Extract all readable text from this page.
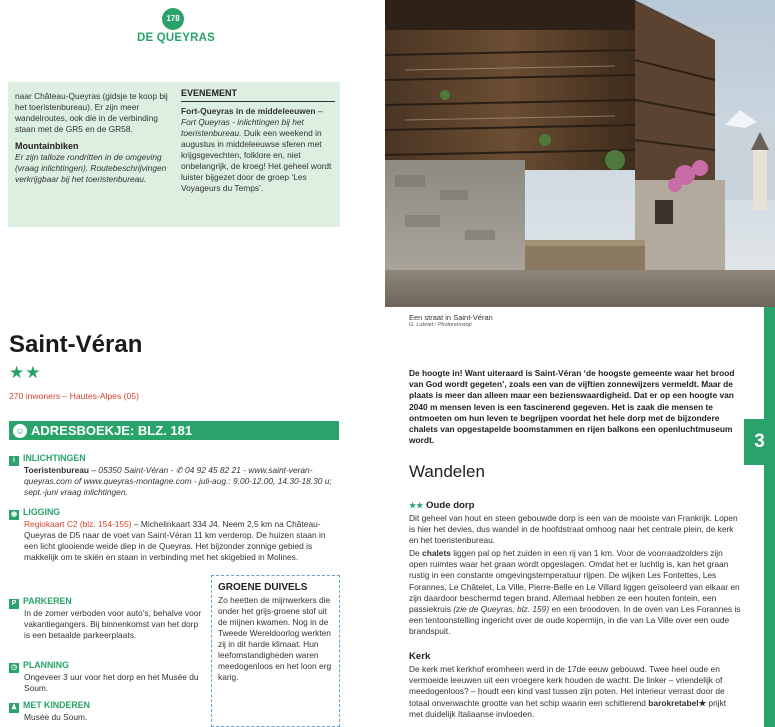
178
DE QUEYRAS
naar Château-Queyras (gidsje te koop bij het toeristenbureau). Er zijn meer wandelroutes, ook die in de verbinding staan met de GR5 en de GR58.
Mountainbiken
Er zijn talloze rondritten in de omgeving (vraag inlichtingen). Routebeschrijvingen verkrijgbaar bij het toeristenbureau.
EVENEMENT
Fort-Queyras in de middeleeuwen – Fort Queyras - inlichtingen bij het toeristenbureau. Duik een weekend in augustus in middeleeuwse sferen met krijgsgevechten, folklore en, niet onbelangrijk, de kroeg! Het geheel wordt luister bijgezet door de groep ‘Les Voyageurs du Temps’.
Een straat in Saint-Véran
G. Lubriet / Photononstop
3
Saint-Véran
★★
270 inwoners – Hautes-Alpes (05)
☺ ADRESBOEKJE: BLZ. 181
i INLICHTINGEN
Toeristenbureau – 05350 Saint-Véran - ✆ 04 92 45 82 21 - www.saint-veran-queyras.com of www.queyras-montagne.com - juli-aug.: 9.00-12.00, 14.30-18.30 u; sept.-juni vraag inlichtingen.
◉ LIGGING
Regiokaart C2 (blz. 154-155) – Michelinkaart 334 J4. Neem 2,5 km na Château-Queyras de D5 naar de voet van Saint-Véran 11 km verderop. De huizen staan in een licht glooiende weide diep in de Queyras. Het bijzonder zonnige gebied is makkelijk om te skiën en staan in verbinding met het skigebied in Molines.
P PARKEREN
In de zomer verboden voor auto’s, behalve voor vakantiegangers. Bij binnenkomst van het dorp is een betaalde parkeerplaats.
◷ PLANNING
Ongeveer 3 uur voor het dorp en het Musée du Soum.
♟ MET KINDEREN
Musée du Soum.
GROENE DUIVELS
Zo heetten de mijnwerkers die onder het grijs-groene stof uit de mijnen kwamen. Nog in de Tweede Wereldoorlog werkten zij in dit harde klimaat. Hun leefomstandigheden waren meedogenloos en het loon erg karig.
De hoogte in! Want uiteraard is Saint-Véran ‘de hoogste gemeente waar het brood van God wordt gegeten’, zoals een van de vijftien zonnewijzers vermeldt. Maar de plaats is meer dan alleen maar een bezienswaardigheid. Dat er op een hoogte van 2040 m mensen leven is een fascinerend gegeven. Het is zaak die mensen te ontmoeten om hun leven te begrijpen voordat het hele dorp met de bijzondere chalets van opgestapelde boomstammen en rijen balkons een openluchtmuseum wordt.
Wandelen
★★ Oude dorp
Dit geheel van hout en steen gebouwde dorp is een van de mooiste van Frankrijk. Lopen is hier het devies, dus wandel in de hoofdstraat omhoog naar het centrale plein, de kerk en het toeristenbureau.
De chalets liggen pal op het zuiden in een rij van 1 km. Voor de voorraadzolders zijn open ruimtes waar het graan wordt opgeslagen. Omdat het er luchtig is, kan het graan rustig in een constante omgevingstemperatuur rijpen. De wijken Les Fontettes, Les Forannes, Le Châtelet, La Ville, Pierre-Belle en Le Villard liggen geïsoleerd van elkaar en zijn daardoor beschermd tegen brand. Allemaal hebben ze een houten fontein, een passiekruis (zie de Queyras, blz. 159) en een broodoven. In de oven van Les Forannes is een tentoonstelling ingericht over de oude kopermijn, in die van La Ville over een oude brandspuit.
Kerk
De kerk met kerkhof eromheen werd in de 17de eeuw gebouwd. Twee heel oude en vermoeide leeuwen uit een vroegere kerk houden de wacht. De linker – vriendelijk of meedogenloos? – houdt een kind vast tussen zijn poten. Het interieur verrast door de totaal onverwachte grootte van het schip waarin een schitterend barokretabel★ prijkt met duidelijk Italiaanse invloeden.
